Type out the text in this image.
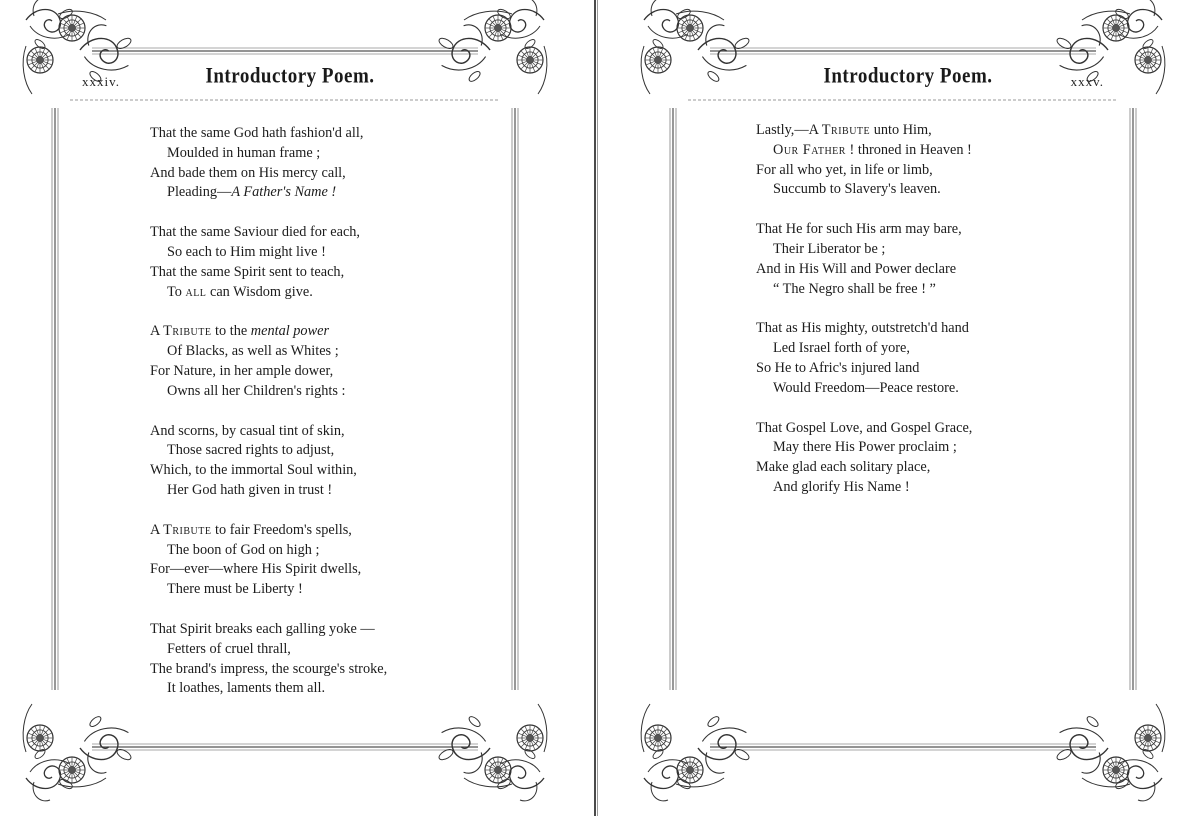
xxxiv.	Introductory Poem.
That the same God hath fashion'd all,
Moulded in human frame ;
And bade them on His mercy call,
Pleading—A Father's Name !
That the same Saviour died for each,
So each to Him might live !
That the same Spirit sent to teach,
To all can Wisdom give.
A Tribute to the mental power
Of Blacks, as well as Whites ;
For Nature, in her ample dower,
Owns all her Children's rights :
And scorns, by casual tint of skin,
Those sacred rights to adjust,
Which, to the immortal Soul within,
Her God hath given in trust !
A Tribute to fair Freedom's spells,
The boon of God on high ;
For—ever—where His Spirit dwells,
There must be Liberty !
That Spirit breaks each galling yoke —
Fetters of cruel thrall,
The brand's impress, the scourge's stroke,
It loathes, laments them all.
Introductory Poem.	xxxv.
Lastly,—A Tribute unto Him,
Our Father ! throned in Heaven !
For all who yet, in life or limb,
Succumb to Slavery's leaven.
That He for such His arm may bare,
Their Liberator be ;
And in His Will and Power declare
“ The Negro shall be free ! ”
That as His mighty, outstretch'd hand
Led Israel forth of yore,
So He to Afric's injured land
Would Freedom—Peace restore.
That Gospel Love, and Gospel Grace,
May there His Power proclaim ;
Make glad each solitary place,
And glorify His Name !
